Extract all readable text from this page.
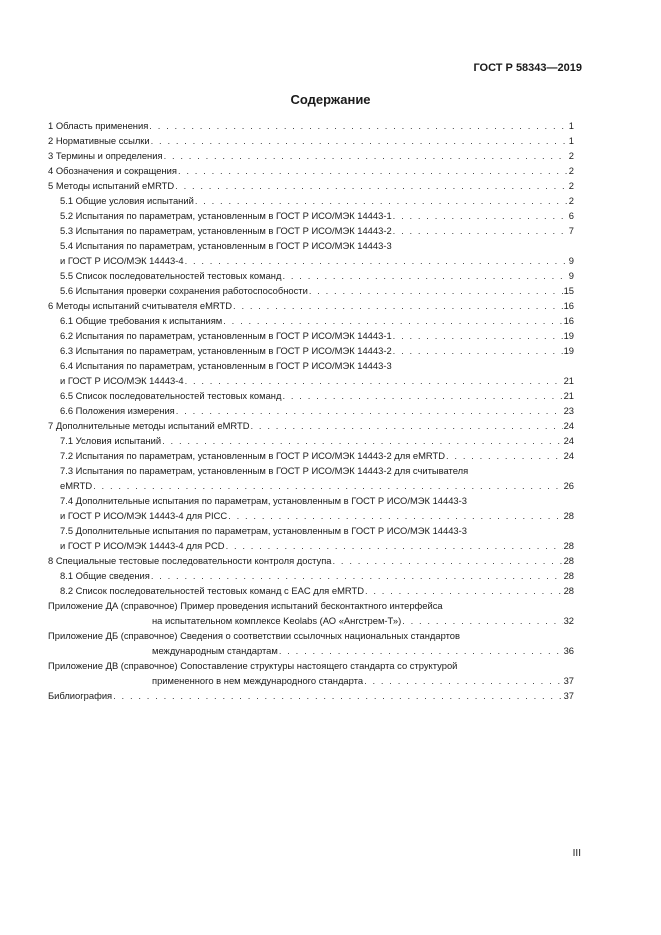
ГОСТ Р 58343—2019
Содержание
1 Область применения . . .	1
2 Нормативные ссылки . . .	1
3 Термины и определения . . .	2
4 Обозначения и сокращения . . .	2
5 Методы испытаний eMRTD . . .	2
5.1 Общие условия испытаний . . .	2
5.2 Испытания по параметрам, установленным в ГОСТ Р ИСО/МЭК 14443-1 . . .	6
5.3 Испытания по параметрам, установленным в ГОСТ Р ИСО/МЭК 14443-2 . . .	7
5.4 Испытания по параметрам, установленным в ГОСТ Р ИСО/МЭК 14443-3
и ГОСТ Р ИСО/МЭК 14443-4 . . .	9
5.5 Список последовательностей тестовых команд . . .	9
5.6 Испытания проверки сохранения работоспособности . . .	15
6 Методы испытаний считывателя eMRTD . . .	16
6.1 Общие требования к испытаниям . . .	16
6.2 Испытания по параметрам, установленным в ГОСТ Р ИСО/МЭК 14443-1 . . .	19
6.3 Испытания по параметрам, установленным в ГОСТ Р ИСО/МЭК 14443-2 . . .	19
6.4 Испытания по параметрам, установленным в ГОСТ Р ИСО/МЭК 14443-3
и ГОСТ Р ИСО/МЭК 14443-4 . . .	21
6.5 Список последовательностей тестовых команд . . .	21
6.6 Положения измерения . . .	23
7 Дополнительные методы испытаний eMRTD . . .	24
7.1 Условия испытаний . . .	24
7.2 Испытания по параметрам, установленным в ГОСТ Р ИСО/МЭК 14443-2 для eMRTD . . .	24
7.3 Испытания по параметрам, установленным в ГОСТ Р ИСО/МЭК 14443-2 для считывателя
eMRTD . . .	26
7.4 Дополнительные испытания по параметрам, установленным в ГОСТ Р ИСО/МЭК 14443-3
и ГОСТ Р ИСО/МЭК 14443-4 для PICC . . .	28
7.5 Дополнительные испытания по параметрам, установленным в ГОСТ Р ИСО/МЭК 14443-3
и ГОСТ Р ИСО/МЭК 14443-4 для PCD . . .	28
8 Специальные тестовые последовательности контроля доступа . . .	28
8.1 Общие сведения . . .	28
8.2 Список последовательностей тестовых команд с EAC для eMRTD . . .	28
Приложение ДА (справочное) Пример проведения испытаний бесконтактного интерфейса
на испытательном комплексе Keolabs (АО «Ангстрем-Т») . . .	32
Приложение ДБ (справочное) Сведения о соответствии ссылочных национальных стандартов
международным стандартам . . .	36
Приложение ДВ (справочное) Сопоставление структуры настоящего стандарта со структурой
примененного в нем международного стандарта . . .	37
Библиография . . .	37
III
